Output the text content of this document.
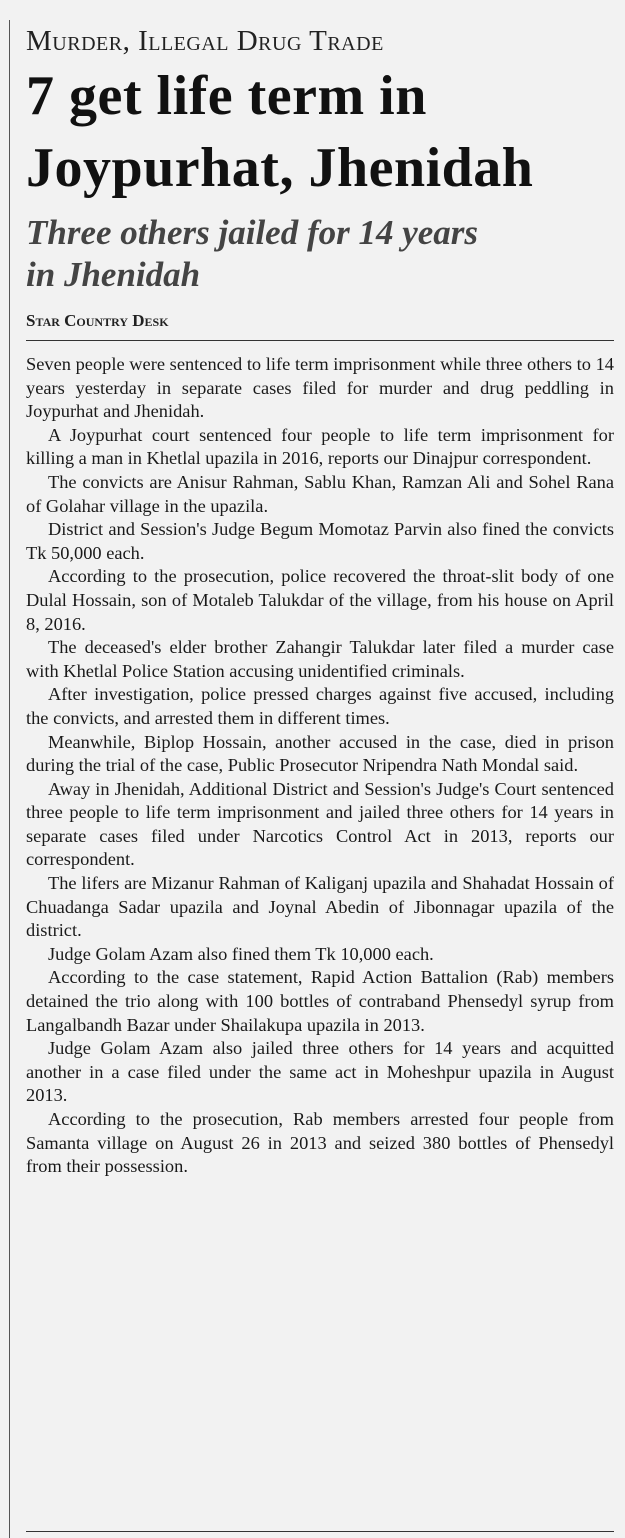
Murder, Illegal Drug Trade

7 get life term in Joypurhat, Jhenidah
Three others jailed for 14 years in Jhenidah

Star Country Desk

Seven people were sentenced to life term imprisonment while three others to 14 years yesterday in separate cases filed for murder and drug peddling in Joypurhat and Jhenidah.

A Joypurhat court sentenced four people to life term imprisonment for killing a man in Khetlal upazila in 2016, reports our Dinajpur correspondent.

The convicts are Anisur Rahman, Sablu Khan, Ramzan Ali and Sohel Rana of Golahar village in the upazila.

District and Session's Judge Begum Momotaz Parvin also fined the convicts Tk 50,000 each.

According to the prosecution, police recovered the throat-slit body of one Dulal Hossain, son of Motaleb Talukdar of the village, from his house on April 8, 2016.

The deceased's elder brother Zahangir Talukdar later filed a murder case with Khetlal Police Station accusing unidentified criminals.

After investigation, police pressed charges against five accused, including the convicts, and arrested them in different times.

Meanwhile, Biplop Hossain, another accused in the case, died in prison during the trial of the case, Public Prosecutor Nripendra Nath Mondal said.

Away in Jhenidah, Additional District and Session's Judge's Court sentenced three people to life term imprisonment and jailed three others for 14 years in separate cases filed under Narcotics Control Act in 2013, reports our correspondent.

The lifers are Mizanur Rahman of Kaliganj upazila and Shahadat Hossain of Chuadanga Sadar upazila and Joynal Abedin of Jibonnagar upazila of the district.

Judge Golam Azam also fined them Tk 10,000 each.

According to the case statement, Rapid Action Battalion (Rab) members detained the trio along with 100 bottles of contraband Phensedyl syrup from Langalbandh Bazar under Shailakupa upazila in 2013.

Judge Golam Azam also jailed three others for 14 years and acquitted another in a case filed under the same act in Moheshpur upazila in August 2013.

According to the prosecution, Rab members arrested four people from Samanta village on August 26 in 2013 and seized 380 bottles of Phensedyl from their possession.
